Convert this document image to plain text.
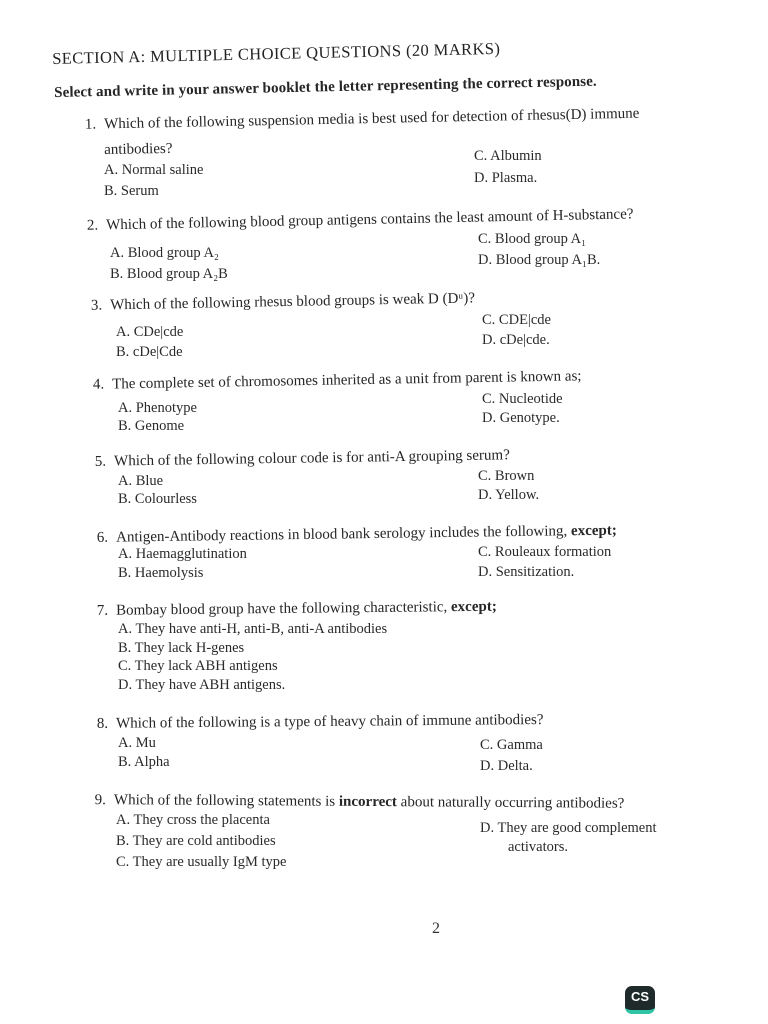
SECTION A: MULTIPLE CHOICE QUESTIONS (20 MARKS)
Select and write in your answer booklet the letter representing the correct response.
1. Which of the following suspension media is best used for detection of rhesus(D) immune
antibodies?
A. Normal saline
B. Serum
C. Albumin
D. Plasma.
2. Which of the following blood group antigens contains the least amount of H-substance?
A. Blood group A₂
B. Blood group A₂B
C. Blood group A₁
D. Blood group A₁B.
3. Which of the following rhesus blood groups is weak D (Dᵘ)?
A. CDe|cde
B. cDe|Cde
C. CDE|cde
D. cDe|cde.
4. The complete set of chromosomes inherited as a unit from parent is known as;
A. Phenotype
B. Genome
C. Nucleotide
D. Genotype.
5. Which of the following colour code is for anti-A grouping serum?
A. Blue
B. Colourless
C. Brown
D. Yellow.
6. Antigen-Antibody reactions in blood bank serology includes the following, except;
A. Haemagglutination
B. Haemolysis
C. Rouleaux formation
D. Sensitization.
7. Bombay blood group have the following characteristic, except;
A. They have anti-H, anti-B, anti-A antibodies
B. They lack H-genes
C. They lack ABH antigens
D. They have ABH antigens.
8. Which of the following is a type of heavy chain of immune antibodies?
A. Mu
B. Alpha
C. Gamma
D. Delta.
9. Which of the following statements is incorrect about naturally occurring antibodies?
A. They cross the placenta
B. They are cold antibodies
C. They are usually IgM type
D. They are good complement
activators.
2
CS
